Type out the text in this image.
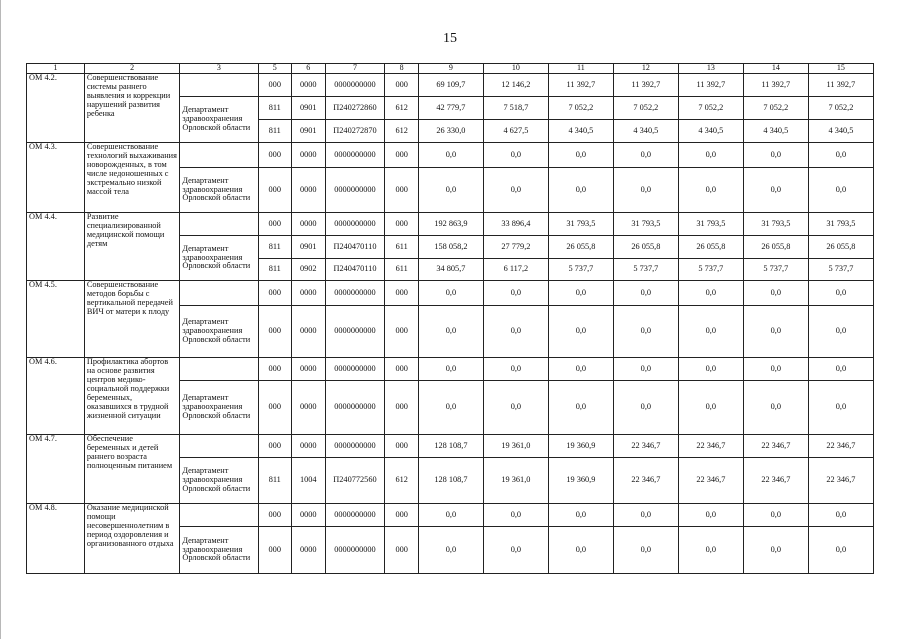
15
1	2	3	5	6	7	8	9	10	11	12	13	14	15
ОМ 4.2.	Совершенствование системы раннего выявления и коррекции нарушений развития ребенка		000	0000	0000000000	000	69 109,7	12 146,2	11 392,7	11 392,7	11 392,7	11 392,7	11 392,7
		Департамент здравоохранения Орловской области	811	0901	П240272860	612	42 779,7	7 518,7	7 052,2	7 052,2	7 052,2	7 052,2	7 052,2
			811	0901	П240272870	612	26 330,0	4 627,5	4 340,5	4 340,5	4 340,5	4 340,5	4 340,5
ОМ 4.3.	Совершенствование технологий выхаживания новорожденных, в том числе недоношенных с экстремально низкой массой тела		000	0000	0000000000	000	0,0	0,0	0,0	0,0	0,0	0,0	0,0
		Департамент здравоохранения Орловской области	000	0000	0000000000	000	0,0	0,0	0,0	0,0	0,0	0,0	0,0
ОМ 4.4.	Развитие специализированной медицинской помощи детям		000	0000	0000000000	000	192 863,9	33 896,4	31 793,5	31 793,5	31 793,5	31 793,5	31 793,5
		Департамент здравоохранения Орловской области	811	0901	П240470110	611	158 058,2	27 779,2	26 055,8	26 055,8	26 055,8	26 055,8	26 055,8
			811	0902	П240470110	611	34 805,7	6 117,2	5 737,7	5 737,7	5 737,7	5 737,7	5 737,7
ОМ 4.5.	Совершенствование методов борьбы с вертикальной передачей ВИЧ от матери к плоду		000	0000	0000000000	000	0,0	0,0	0,0	0,0	0,0	0,0	0,0
		Департамент здравоохранения Орловской области	000	0000	0000000000	000	0,0	0,0	0,0	0,0	0,0	0,0	0,0
ОМ 4.6.	Профилактика абортов на основе развития центров медико-социальной поддержки беременных, оказавшихся в трудной жизненной ситуации		000	0000	0000000000	000	0,0	0,0	0,0	0,0	0,0	0,0	0,0
		Департамент здравоохранения Орловской области	000	0000	0000000000	000	0,0	0,0	0,0	0,0	0,0	0,0	0,0
ОМ 4.7.	Обеспечение беременных и детей раннего возраста полноценным питанием		000	0000	0000000000	000	128 108,7	19 361,0	19 360,9	22 346,7	22 346,7	22 346,7	22 346,7
		Департамент здравоохранения Орловской области	811	1004	П240772560	612	128 108,7	19 361,0	19 360,9	22 346,7	22 346,7	22 346,7	22 346,7
ОМ 4.8.	Оказание медицинской помощи несовершеннолетним в период оздоровления и организованного отдыха		000	0000	0000000000	000	0,0	0,0	0,0	0,0	0,0	0,0	0,0
		Департамент здравоохранения Орловской области	000	0000	0000000000	000	0,0	0,0	0,0	0,0	0,0	0,0	0,0
